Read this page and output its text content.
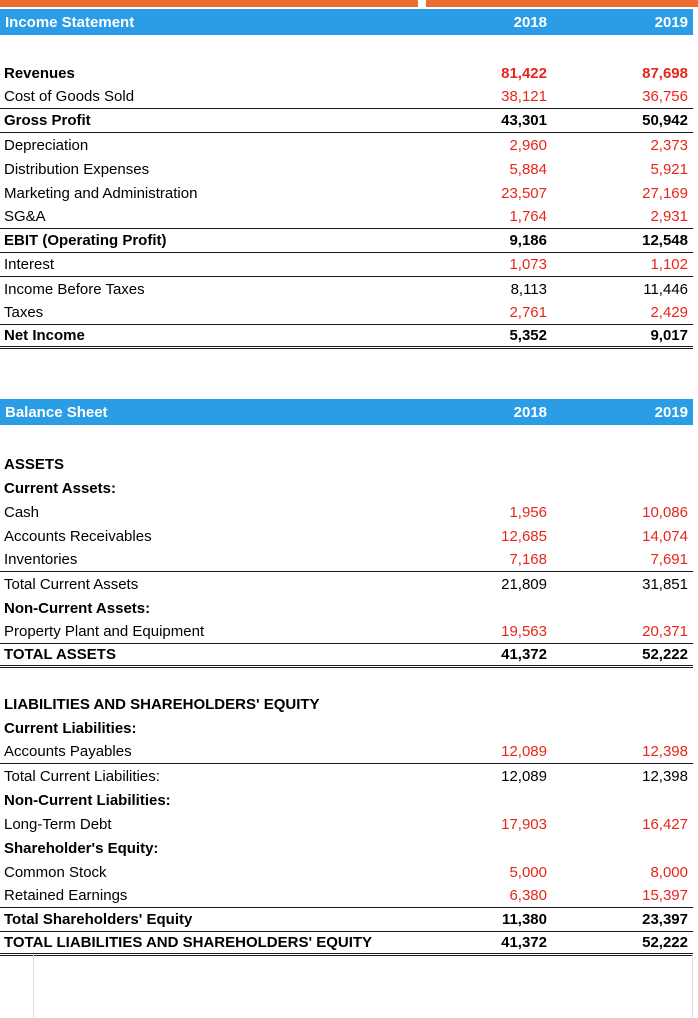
Income Statement	2018	2019
Revenues	81,422	87,698
Cost of Goods Sold	38,121	36,756
Gross Profit	43,301	50,942
Depreciation	2,960	2,373
Distribution Expenses	5,884	5,921
Marketing and Administration	23,507	27,169
SG&A	1,764	2,931
EBIT (Operating Profit)	9,186	12,548
Interest	1,073	1,102
Income Before Taxes	8,113	11,446
Taxes	2,761	2,429
Net Income	5,352	9,017
Balance Sheet	2018	2019
ASSETS
Current Assets:
Cash	1,956	10,086
Accounts Receivables	12,685	14,074
Inventories	7,168	7,691
Total Current Assets	21,809	31,851
Non-Current Assets:
Property Plant and Equipment	19,563	20,371
TOTAL ASSETS	41,372	52,222
LIABILITIES AND SHAREHOLDERS' EQUITY
Current Liabilities:
Accounts Payables	12,089	12,398
Total Current Liabilities:	12,089	12,398
Non-Current Liabilities:
Long-Term Debt	17,903	16,427
Shareholder's Equity:
Common Stock	5,000	8,000
Retained Earnings	6,380	15,397
Total Shareholders' Equity	11,380	23,397
TOTAL LIABILITIES AND SHAREHOLDERS' EQUITY	41,372	52,222
